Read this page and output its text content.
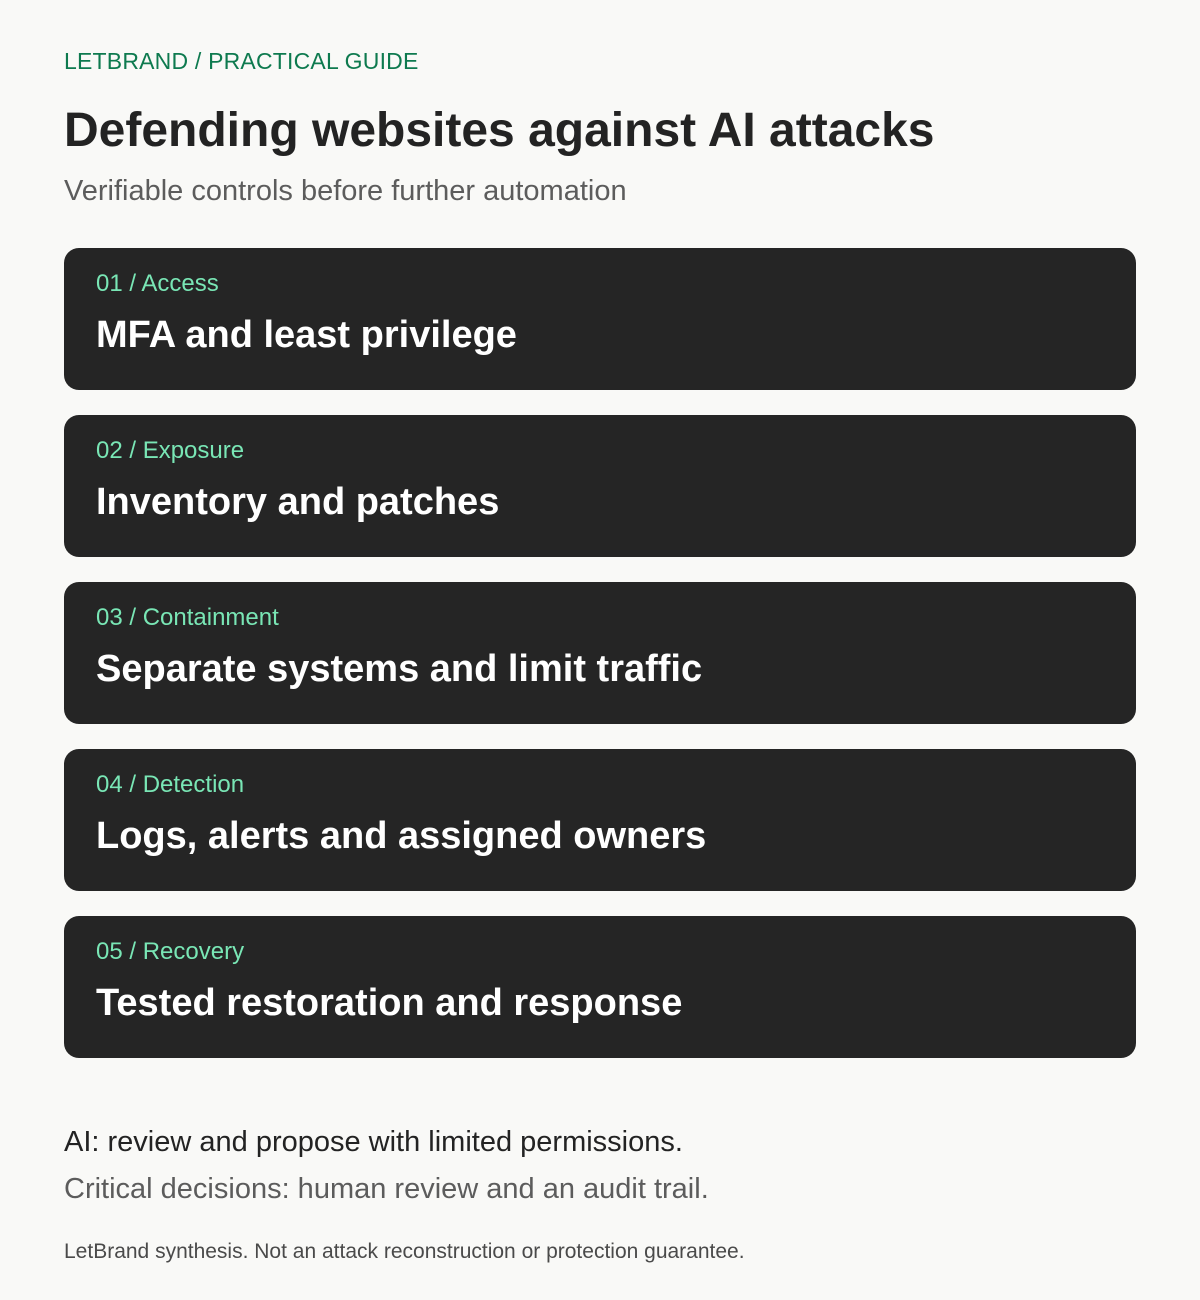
LETBRAND / PRACTICAL GUIDE
Defending websites against AI attacks
Verifiable controls before further automation
01 / Access
MFA and least privilege
02 / Exposure
Inventory and patches
03 / Containment
Separate systems and limit traffic
04 / Detection
Logs, alerts and assigned owners
05 / Recovery
Tested restoration and response

AI: review and propose with limited permissions.

Critical decisions: human review and an audit trail.

LetBrand synthesis. Not an attack reconstruction or protection guarantee.
